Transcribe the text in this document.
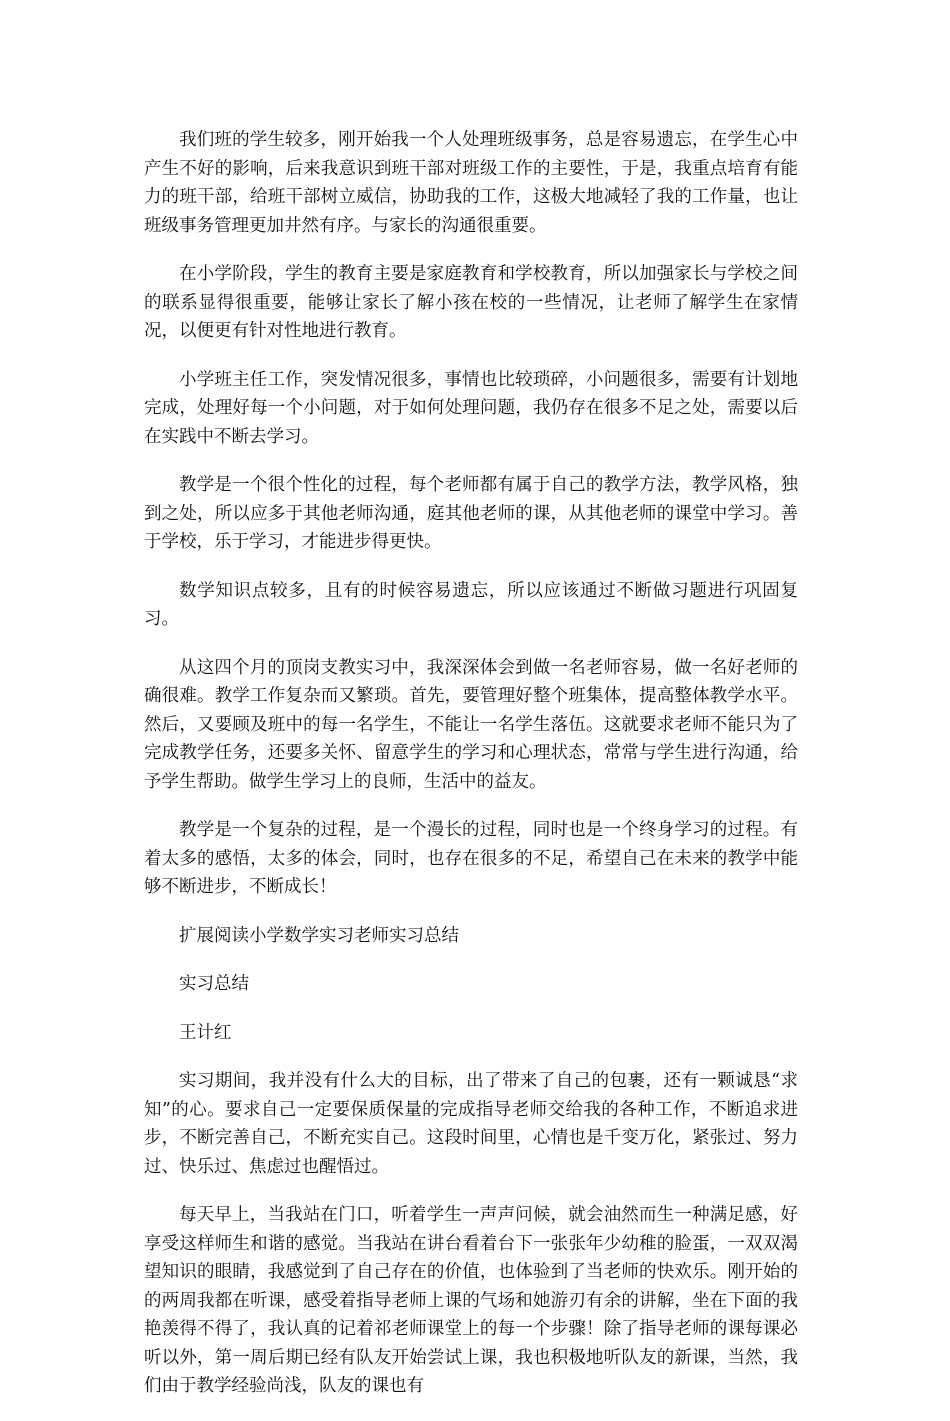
我们班的学生较多，刚开始我一个人处理班级事务，总是容易遗忘，在学生心中产生不好的影响，后来我意识到班干部对班级工作的主要性，于是，我重点培育有能力的班干部，给班干部树立威信，协助我的工作，这极大地减轻了我的工作量，也让班级事务管理更加井然有序。与家长的沟通很重要。

在小学阶段，学生的教育主要是家庭教育和学校教育，所以加强家长与学校之间的联系显得很重要，能够让家长了解小孩在校的一些情况，让老师了解学生在家情况，以便更有针对性地进行教育。

小学班主任工作，突发情况很多，事情也比较琐碎，小问题很多，需要有计划地完成，处理好每一个小问题，对于如何处理问题，我仍存在很多不足之处，需要以后在实践中不断去学习。

教学是一个很个性化的过程，每个老师都有属于自己的教学方法，教学风格，独到之处，所以应多于其他老师沟通，庭其他老师的课，从其他老师的课堂中学习。善于学校，乐于学习，才能进步得更快。

数学知识点较多，且有的时候容易遗忘，所以应该通过不断做习题进行巩固复习。

从这四个月的顶岗支教实习中，我深深体会到做一名老师容易，做一名好老师的确很难。教学工作复杂而又繁琐。首先，要管理好整个班集体，提高整体教学水平。然后，又要顾及班中的每一名学生，不能让一名学生落伍。这就要求老师不能只为了完成教学任务，还要多关怀、留意学生的学习和心理状态，常常与学生进行沟通，给予学生帮助。做学生学习上的良师，生活中的益友。

教学是一个复杂的过程，是一个漫长的过程，同时也是一个终身学习的过程。有着太多的感悟，太多的体会，同时，也存在很多的不足，希望自己在未来的教学中能够不断进步，不断成长！

扩展阅读小学数学实习老师实习总结

实习总结

王计红

实习期间，我并没有什么大的目标，出了带来了自己的包裹，还有一颗诚恳“求知”的心。要求自己一定要保质保量的完成指导老师交给我的各种工作，不断追求进步，不断完善自己，不断充实自己。这段时间里，心情也是千变万化，紧张过、努力过、快乐过、焦虑过也醒悟过。

每天早上，当我站在门口，听着学生一声声问候，就会油然而生一种满足感，好享受这样师生和谐的感觉。当我站在讲台看着台下一张张年少幼稚的脸蛋，一双双渴望知识的眼睛，我感觉到了自己存在的价值，也体验到了当老师的快欢乐。刚开始的的两周我都在听课，感受着指导老师上课的气场和她游刃有余的讲解，坐在下面的我艳羡得不得了，我认真的记着祁老师课堂上的每一个步骤！除了指导老师的课每课必听以外，第一周后期已经有队友开始尝试上课，我也积极地听队友的新课，当然，我们由于教学经验尚浅，队友的课也有
